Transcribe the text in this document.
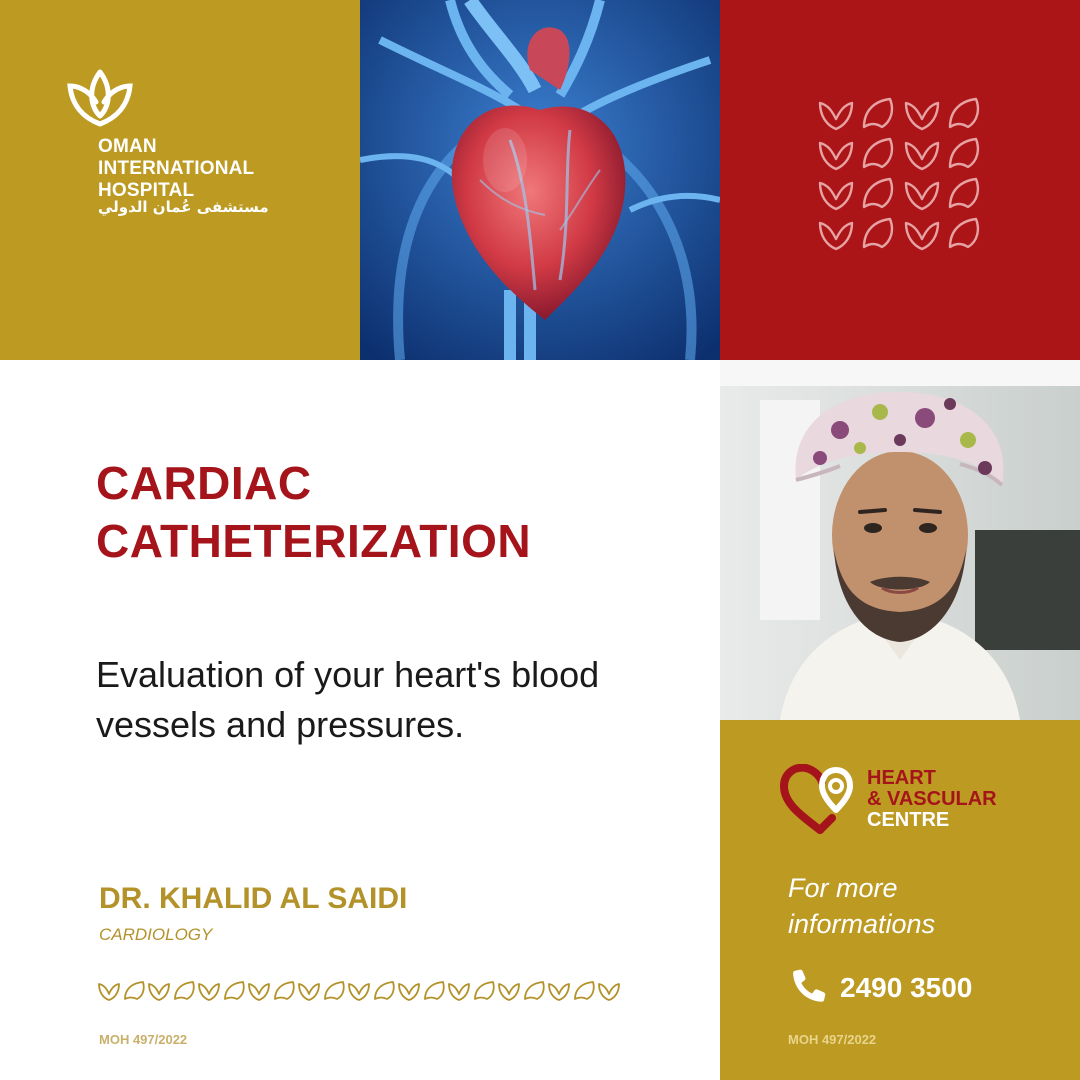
OMAN
INTERNATIONAL
HOSPITAL
مستشفى عُمان الدولي
CARDIAC
CATHETERIZATION
Evaluation of your heart's blood vessels and pressures.
DR. KHALID AL SAIDI
CARDIOLOGY
MOH 497/2022
HEART
& VASCULAR
CENTRE
For more informations
2490 3500
MOH 497/2022
